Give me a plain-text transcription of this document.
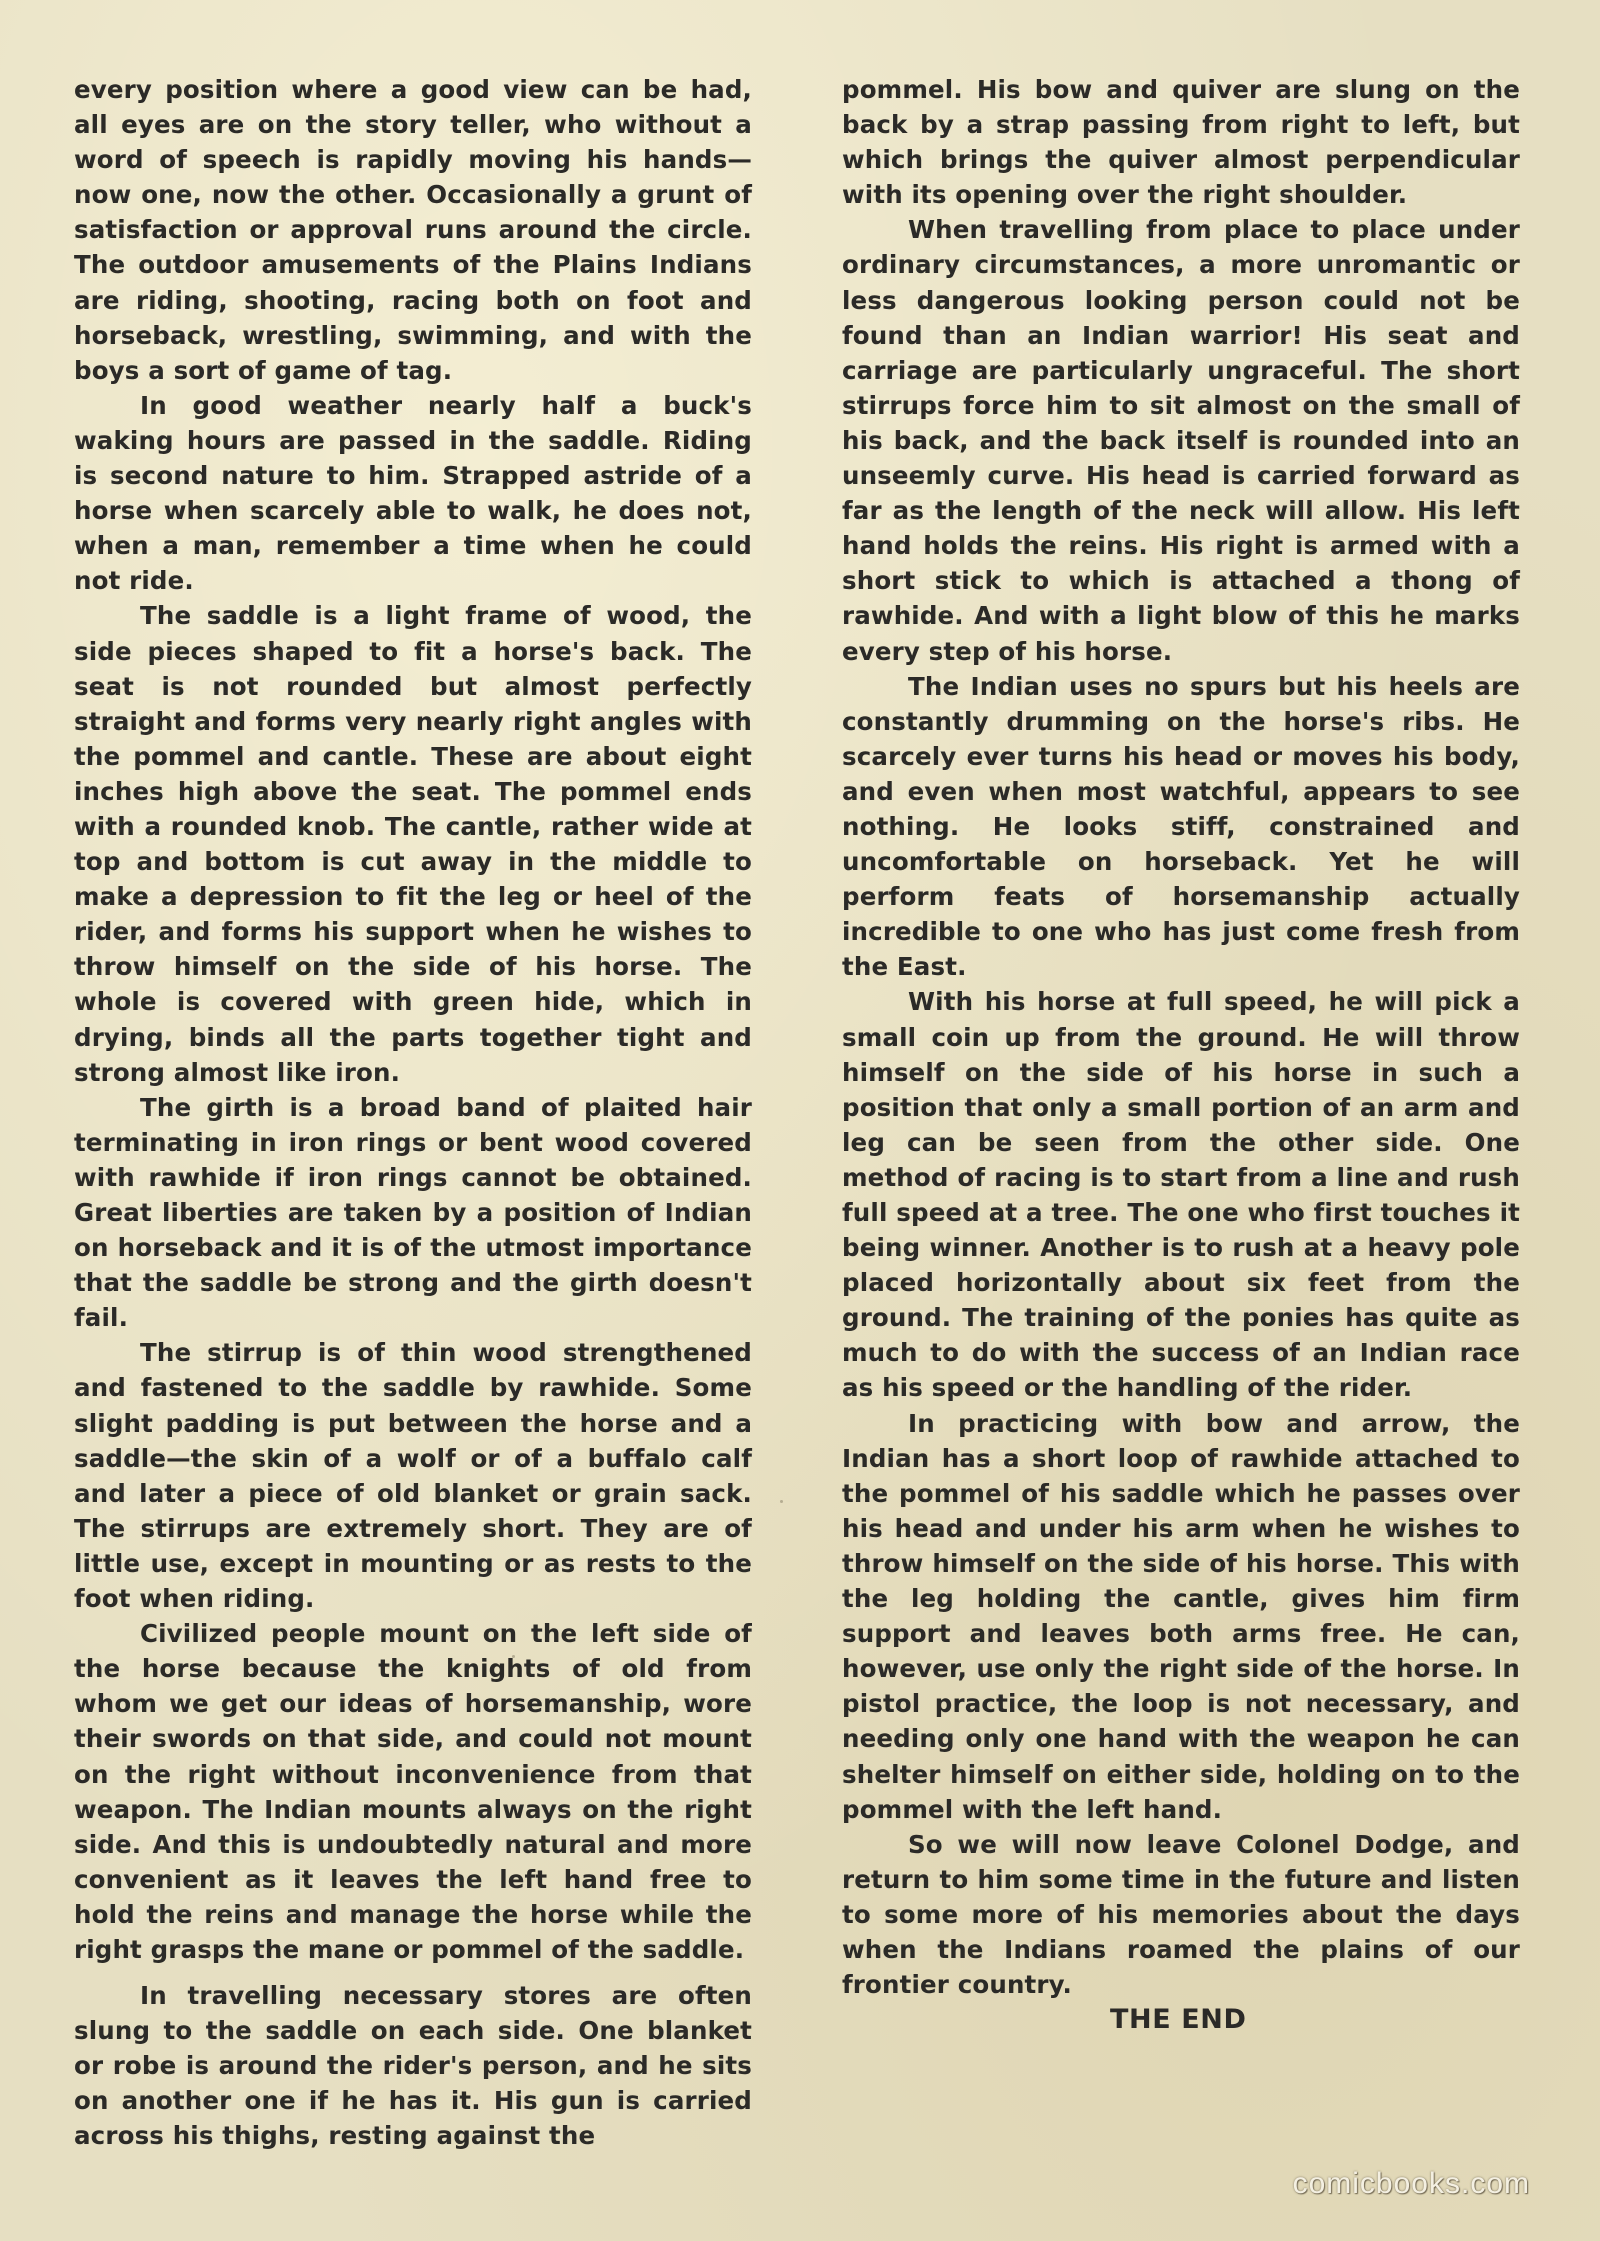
every position where a good view can be had, all eyes are on the story teller, who without a word of speech is rapidly moving his hands—now one, now the other. Occasionally a grunt of satisfaction or approval runs around the circle. The outdoor amusements of the Plains Indians are riding, shooting, racing both on foot and horseback, wrestling, swimming, and with the boys a sort of game of tag.

In good weather nearly half a buck's waking hours are passed in the saddle. Riding is second nature to him. Strapped astride of a horse when scarcely able to walk, he does not, when a man, remember a time when he could not ride.

The saddle is a light frame of wood, the side pieces shaped to fit a horse's back. The seat is not rounded but almost perfectly straight and forms very nearly right angles with the pommel and cantle. These are about eight inches high above the seat. The pommel ends with a rounded knob. The cantle, rather wide at top and bottom is cut away in the middle to make a depression to fit the leg or heel of the rider, and forms his support when he wishes to throw himself on the side of his horse. The whole is covered with green hide, which in drying, binds all the parts together tight and strong almost like iron.

The girth is a broad band of plaited hair terminating in iron rings or bent wood covered with rawhide if iron rings cannot be obtained. Great liberties are taken by a position of Indian on horseback and it is of the utmost importance that the saddle be strong and the girth doesn't fail.

The stirrup is of thin wood strengthened and fastened to the saddle by rawhide. Some slight padding is put between the horse and a saddle—the skin of a wolf or of a buffalo calf and later a piece of old blanket or grain sack. The stirrups are extremely short. They are of little use, except in mounting or as rests to the foot when riding.

Civilized people mount on the left side of the horse because the knights of old from whom we get our ideas of horsemanship, wore their swords on that side, and could not mount on the right without inconvenience from that weapon. The Indian mounts always on the right side. And this is undoubtedly natural and more convenient as it leaves the left hand free to hold the reins and manage the horse while the right grasps the mane or pommel of the saddle.

In travelling necessary stores are often slung to the saddle on each side. One blanket or robe is around the rider's person, and he sits on another one if he has it. His gun is carried across his thighs, resting against the

pommel. His bow and quiver are slung on the back by a strap passing from right to left, but which brings the quiver almost perpendicular with its opening over the right shoulder.

When travelling from place to place under ordinary circumstances, a more unromantic or less dangerous looking person could not be found than an Indian warrior! His seat and carriage are particularly ungraceful. The short stirrups force him to sit almost on the small of his back, and the back itself is rounded into an unseemly curve. His head is carried forward as far as the length of the neck will allow. His left hand holds the reins. His right is armed with a short stick to which is attached a thong of rawhide. And with a light blow of this he marks every step of his horse.

The Indian uses no spurs but his heels are constantly drumming on the horse's ribs. He scarcely ever turns his head or moves his body, and even when most watchful, appears to see nothing. He looks stiff, constrained and uncomfortable on horseback. Yet he will perform feats of horsemanship actually incredible to one who has just come fresh from the East.

With his horse at full speed, he will pick a small coin up from the ground. He will throw himself on the side of his horse in such a position that only a small portion of an arm and leg can be seen from the other side. One method of racing is to start from a line and rush full speed at a tree. The one who first touches it being winner. Another is to rush at a heavy pole placed horizontally about six feet from the ground. The training of the ponies has quite as much to do with the success of an Indian race as his speed or the handling of the rider.

In practicing with bow and arrow, the Indian has a short loop of rawhide attached to the pommel of his saddle which he passes over his head and under his arm when he wishes to throw himself on the side of his horse. This with the leg holding the cantle, gives him firm support and leaves both arms free. He can, however, use only the right side of the horse. In pistol practice, the loop is not necessary, and needing only one hand with the weapon he can shelter himself on either side, holding on to the pommel with the left hand.

So we will now leave Colonel Dodge, and return to him some time in the future and listen to some more of his memories about the days when the Indians roamed the plains of our frontier country.

THE END

comicbooks.com
